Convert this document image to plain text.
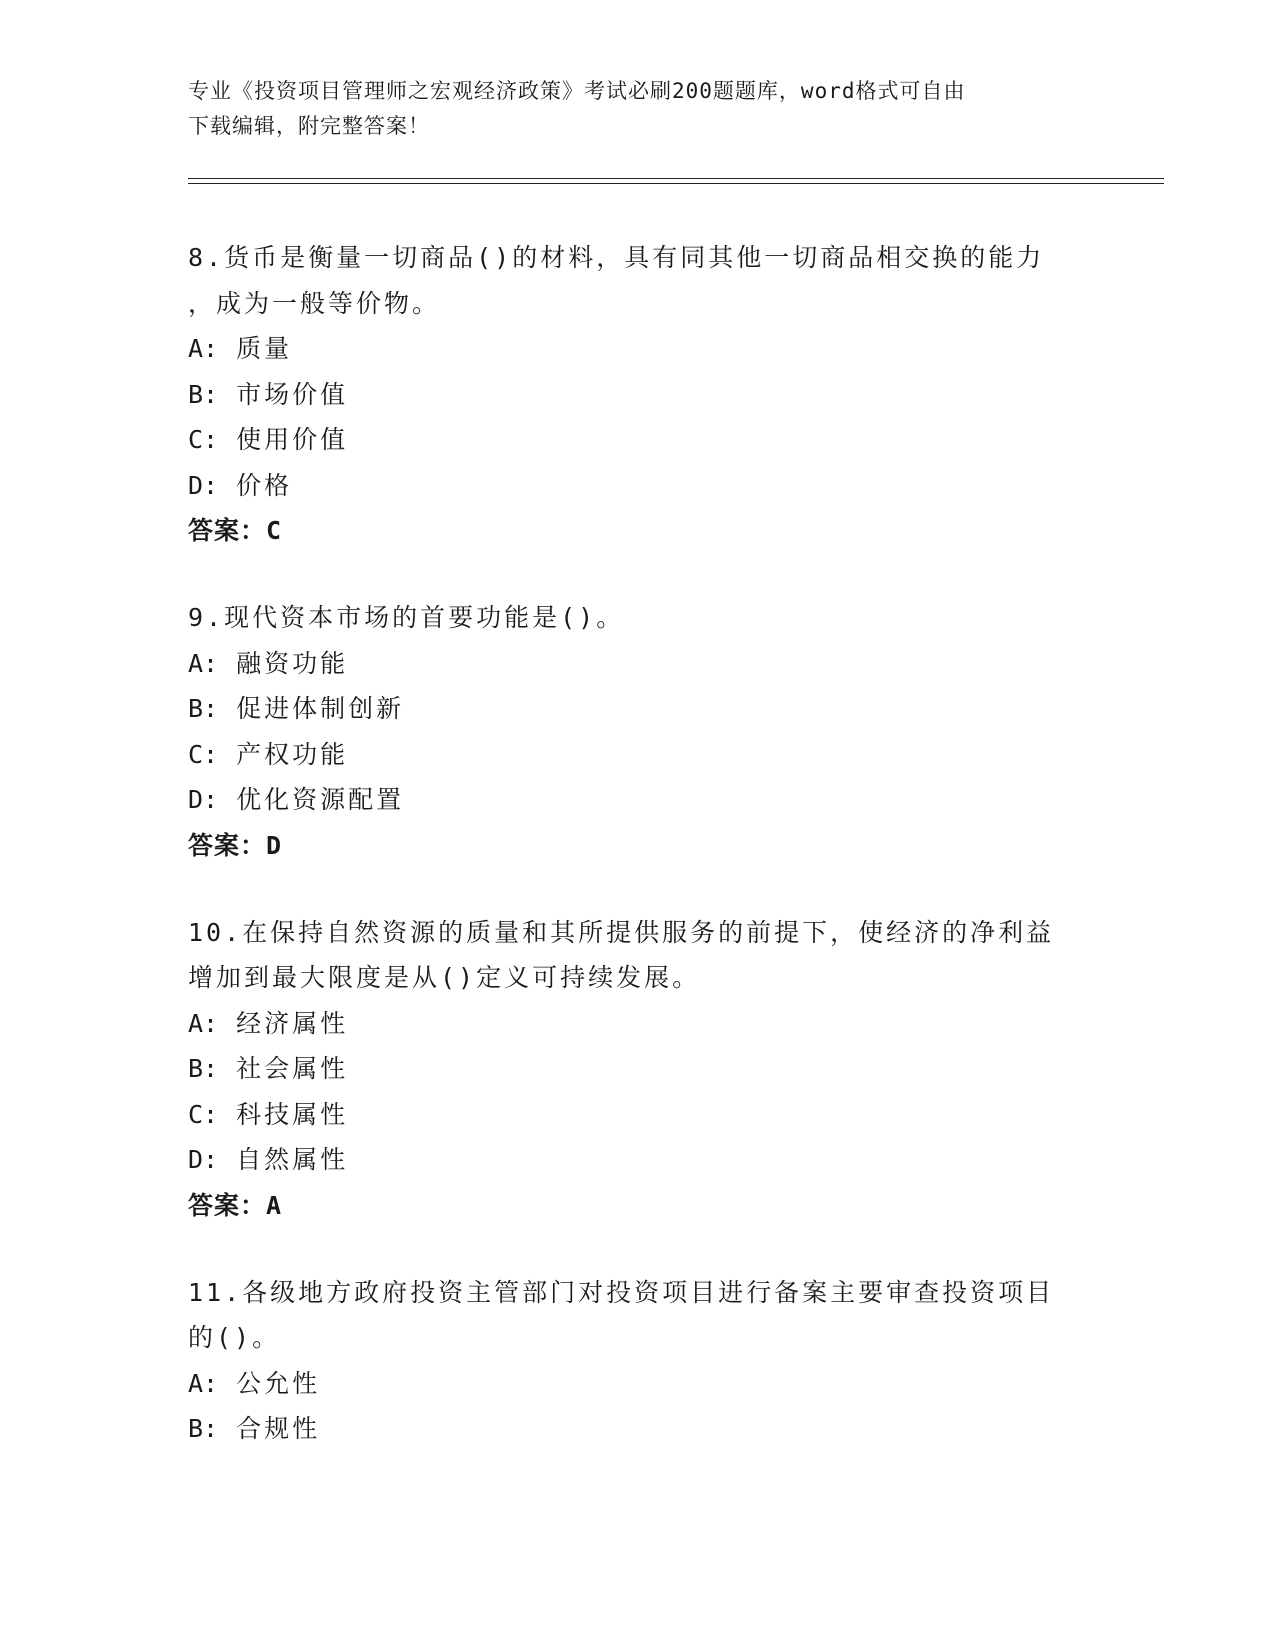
专业《投资项目管理师之宏观经济政策》考试必刷200题题库，word格式可自由
下载编辑，附完整答案！
8.货币是衡量一切商品()的材料，具有同其他一切商品相交换的能力
，成为一般等价物。
A: 质量
B: 市场价值
C: 使用价值
D: 价格
答案：C
9.现代资本市场的首要功能是()。
A: 融资功能
B: 促进体制创新
C: 产权功能
D: 优化资源配置
答案：D
10.在保持自然资源的质量和其所提供服务的前提下，使经济的净利益
增加到最大限度是从()定义可持续发展。
A: 经济属性
B: 社会属性
C: 科技属性
D: 自然属性
答案：A
11.各级地方政府投资主管部门对投资项目进行备案主要审查投资项目
的()。
A: 公允性
B: 合规性
